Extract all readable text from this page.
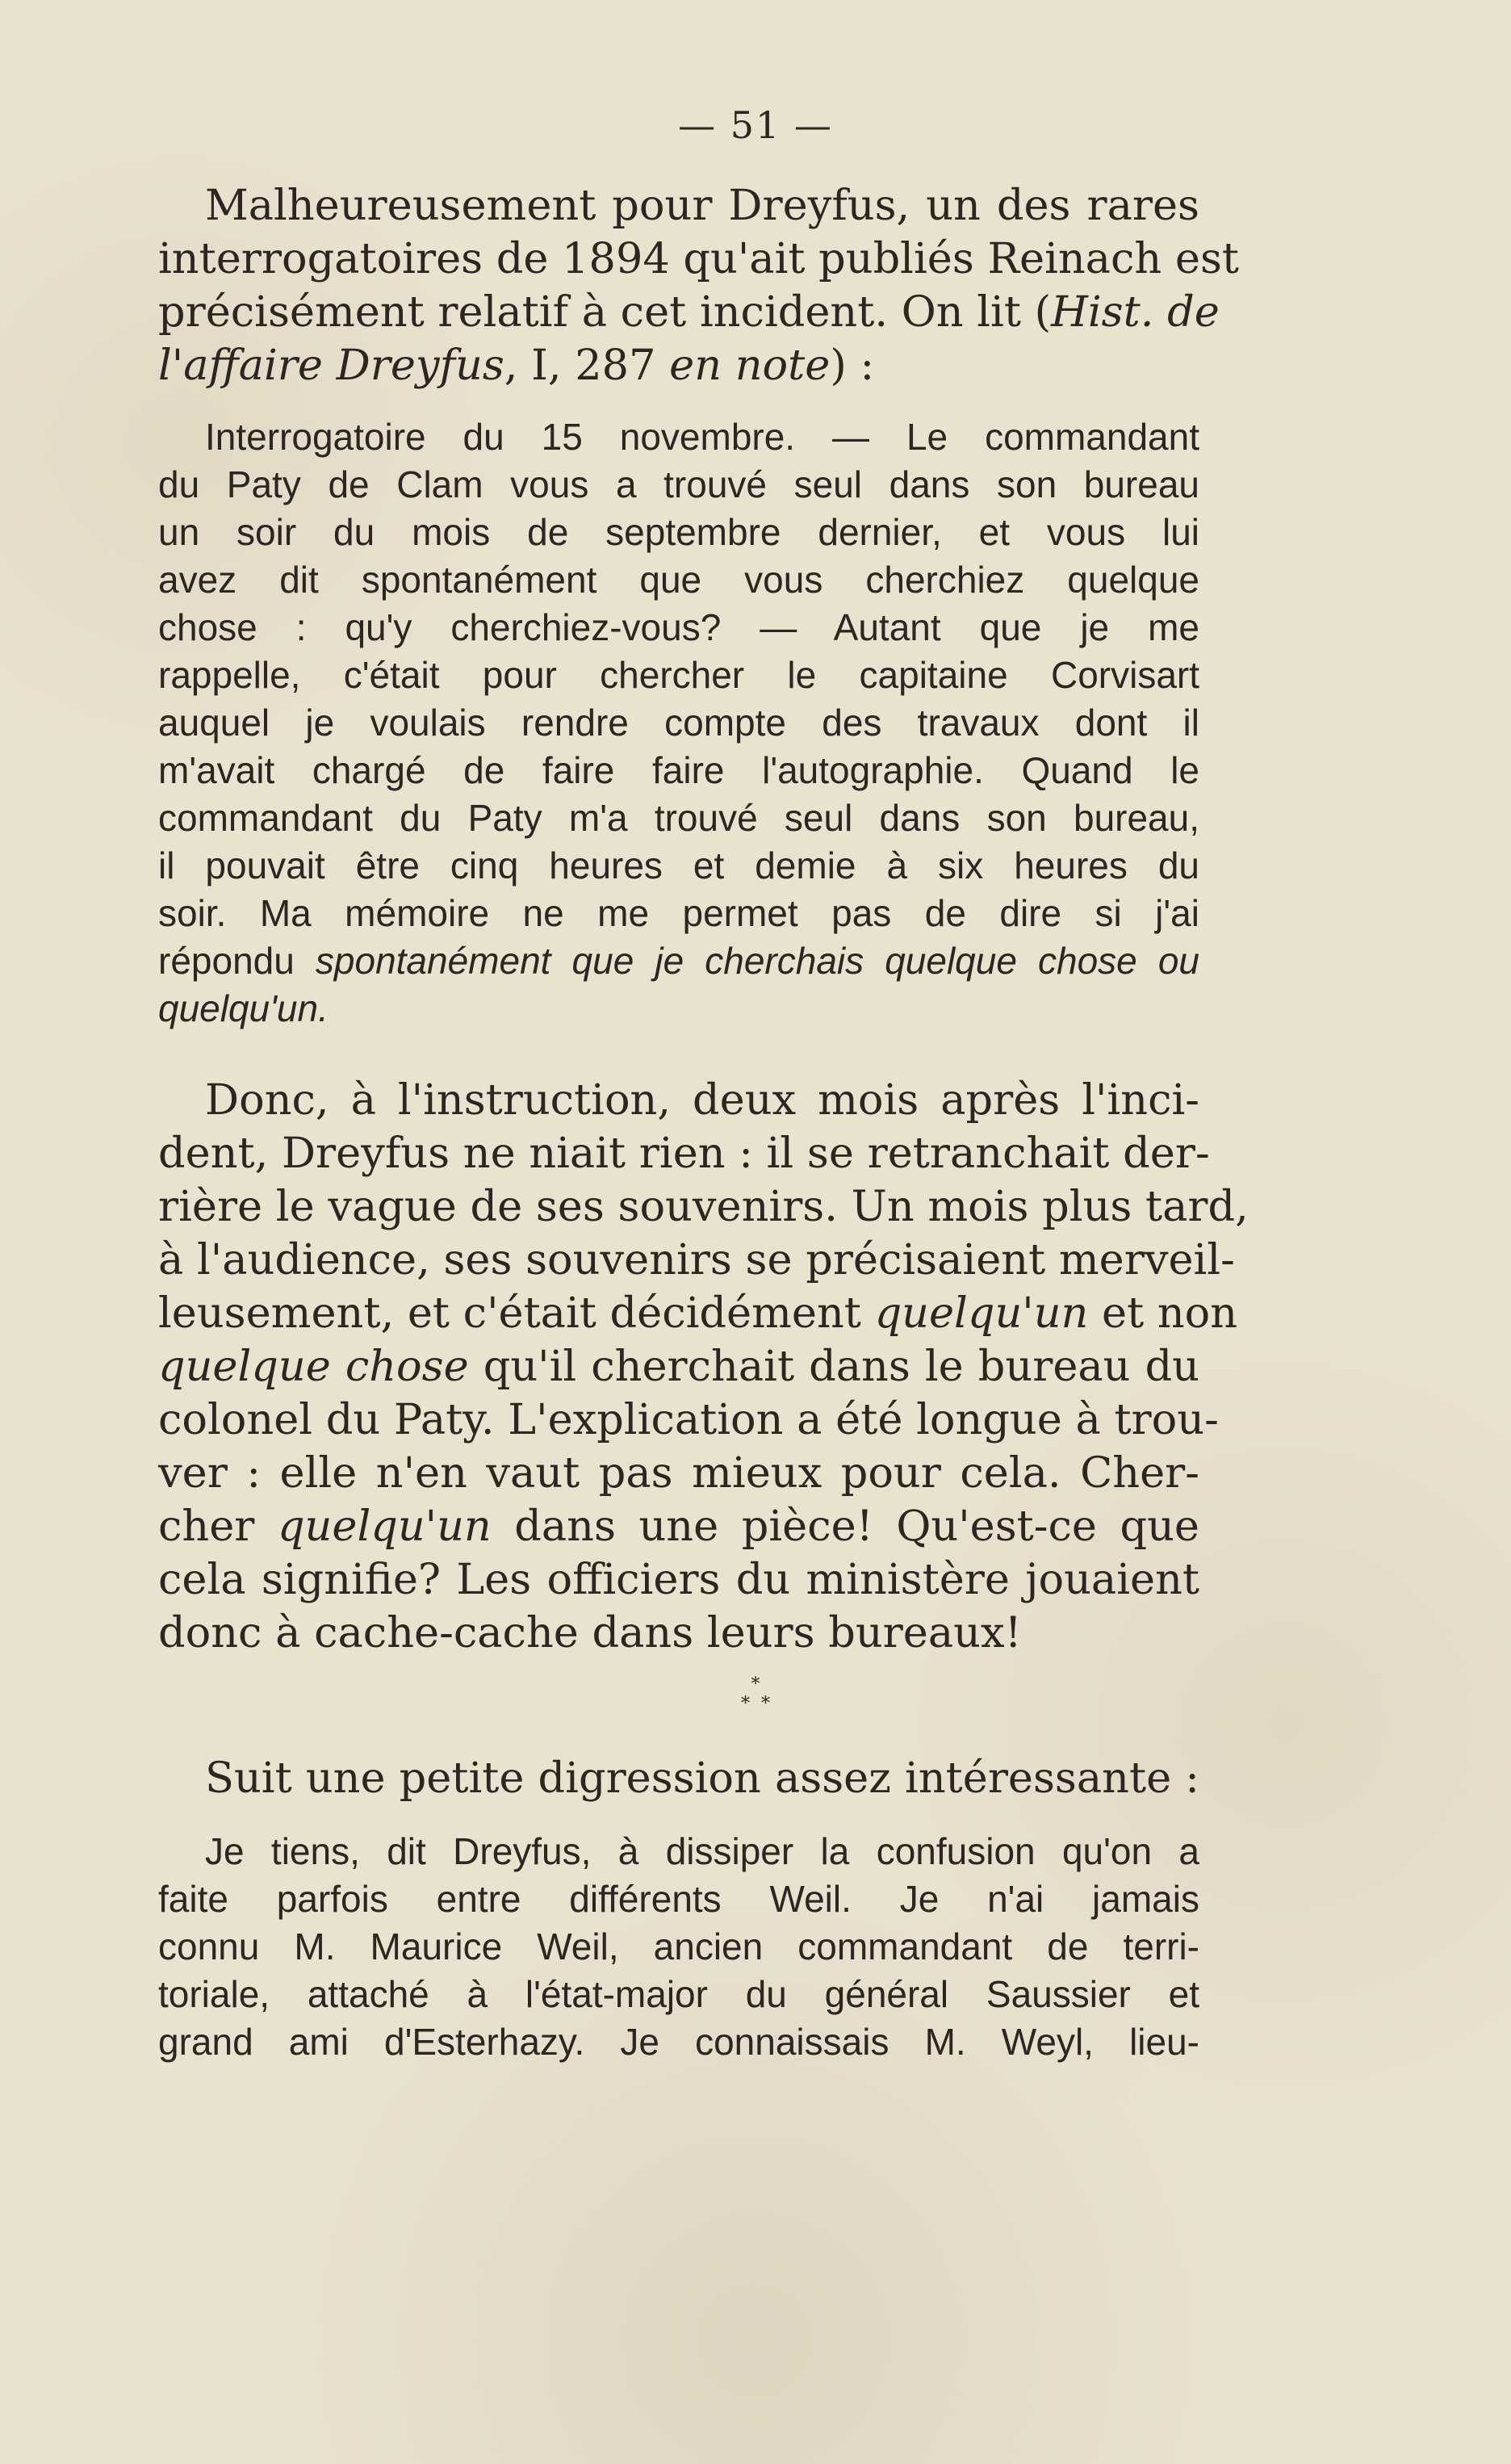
— 51 —
Malheureusement pour Dreyfus, un des rares
interrogatoires de 1894 qu'ait publiés Reinach est
précisément relatif à cet incident. On lit (Hist. de
l'affaire Dreyfus, I, 287 en note) :
Interrogatoire du 15 novembre. — Le commandant
du Paty de Clam vous a trouvé seul dans son bureau
un soir du mois de septembre dernier, et vous lui
avez dit spontanément que vous cherchiez quelque
chose : qu'y cherchiez-vous? — Autant que je me
rappelle, c'était pour chercher le capitaine Corvisart
auquel je voulais rendre compte des travaux dont il
m'avait chargé de faire faire l'autographie. Quand le
commandant du Paty m'a trouvé seul dans son bureau,
il pouvait être cinq heures et demie à six heures du
soir. Ma mémoire ne me permet pas de dire si j'ai
répondu spontanément que je cherchais quelque chose ou
quelqu'un.
Donc, à l'instruction, deux mois après l'inci-
dent, Dreyfus ne niait rien : il se retranchait der-
rière le vague de ses souvenirs. Un mois plus tard,
à l'audience, ses souvenirs se précisaient merveil-
leusement, et c'était décidément quelqu'un et non
quelque chose qu'il cherchait dans le bureau du
colonel du Paty. L'explication a été longue à trou-
ver : elle n'en vaut pas mieux pour cela. Cher-
cher quelqu'un dans une pièce! Qu'est-ce que
cela signifie? Les officiers du ministère jouaient
donc à cache-cache dans leurs bureaux!
*
**
Suit une petite digression assez intéressante :
Je tiens, dit Dreyfus, à dissiper la confusion qu'on a
faite parfois entre différents Weil. Je n'ai jamais
connu M. Maurice Weil, ancien commandant de terri-
toriale, attaché à l'état-major du général Saussier et
grand ami d'Esterhazy. Je connaissais M. Weyl, lieu-
